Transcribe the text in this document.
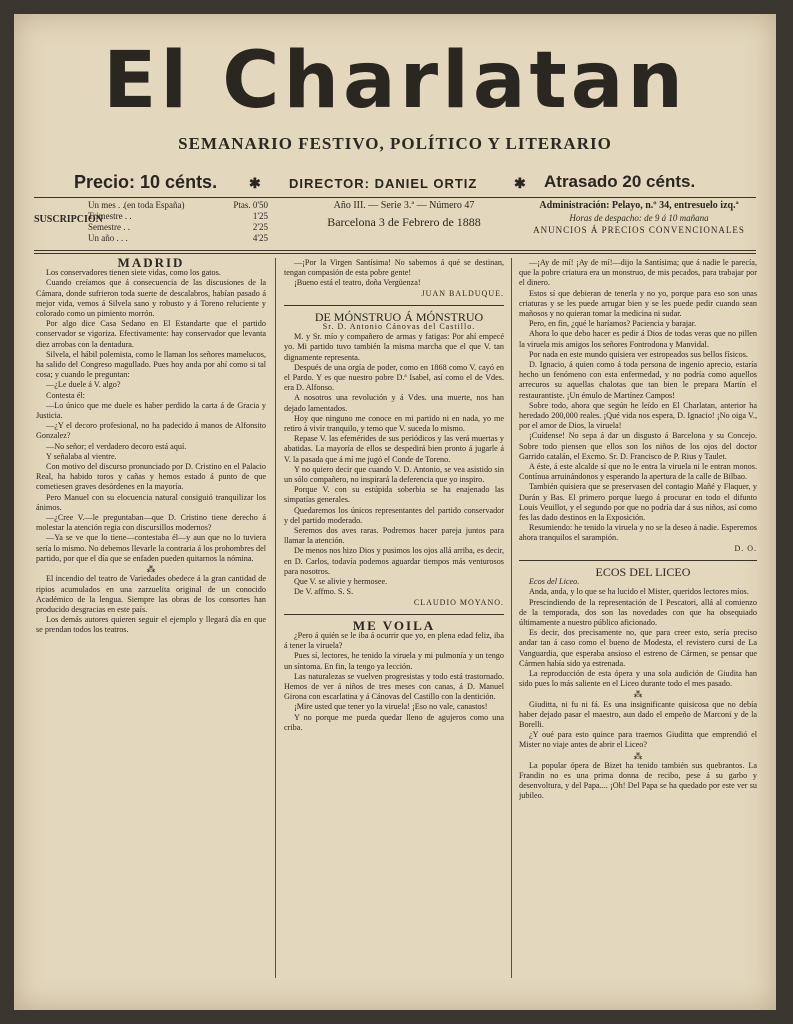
El Charlatan
SEMANARIO FESTIVO, POLÍTICO Y LITERARIO
Precio: 10 cénts. ✱ DIRECTOR: DANIEL ORTIZ	✱ Atrasado 20 cénts.
SUSCRIPCION
Un mes . . (en toda España)	Ptas. 0'50
Trimestre . .	1'25
Semestre . .	2'25
Un año . . .	4'25
Año III. — Serie 3.ª — Número 47
Barcelona 3 de Febrero de 1888
Administración: Pelayo, n.º 34, entresuelo izq.ª
Horas de despacho: de 9 á 10 mañana
ANUNCIOS Á PRECIOS CONVENCIONALES

MADRID

Los conservadores tienen siete vidas, como los gatos.

Cuando creíamos que á consecuencia de las discusiones de la Cámara, donde sufrieron toda suerte de descalabros, habían pasado á mejor vida, vemos á Silvela sano y robusto y á Toreno reluciente y colorado como un pimiento morrón.

Por algo dice Casa Sedano en El Estandarte que el partido conservador se vigoriza. Efectivamente: hay conservador que levanta diez arrobas con la dentadura.

Silvela, el hábil polemista, como le llaman los señores mamelucos, ha salido del Congreso magullado. Pues hoy anda por ahí como si tal cosa; y cuando le preguntan:

—¿Le duele á V. algo?

Contesta él:

—Lo único que me duele es haber perdido la carta á de Gracia y Justicia.

—¿Y el decoro profesional, no ha padecido á manos de Alfonsito Gonzalez?

—No señor; el verdadero decoro está aquí.

Y señalaba al vientre.

Con motivo del discurso pronunciado por D. Cristino en el Palacio Real, ha habido toros y cañas y hemos estado á punto de que cometiesen graves desórdenes en la mayoría.

Pero Manuel con su elocuencia natural consiguió tranquilizar los ánimos.

—¿Cree V.—le preguntaban—que D. Cristino tiene derecho á molestar la atención regia con discursillos modernos?

—Ya se ve que lo tiene—contestaba él—y aun que no lo tuviera sería lo mismo. No debemos llevarle la contraria á los prohombres del partido, por que el día que se enfaden pueden quitarnos la nómina.

⁂

El incendio del teatro de Variedades obedece á la gran cantidad de ripios acumulados en una zarzuelita original de un conocido Académico de la lengua. Siempre las obras de los consortes han producido desgracias en este país.

Los demás autores quieren seguir el ejemplo y llegará día en que se prendan todos los teatros.

—¡Por la Virgen Santísima! No sabemos á qué se destinan, tengan compasión de esta pobre gente!

¡Bueno está el teatro, doña Vergüenza!

JUAN BALDUQUE.

DE MÓNSTRUO Á MÓNSTRUO

Sr. D. Antonio Cánovas del Castillo.

M. y Sr. mío y compañero de armas y fatigas: Por ahí empecé yo. Mi partido tuvo también la misma marcha que el que V. tan dignamente representa.

Después de una orgía de poder, como en 1868 como V. cayó en el Pardo. Y es que nuestro pobre D.ª Isabel, así como el de Vdes. era D. Alfonso.

A nosotros una revolución y á Vdes. una muerte, nos han dejado lamentados.

Hoy que ninguno me conoce en mi partido ni en nada, yo me retiro á vivir tranquilo, y temo que V. suceda lo mismo.

Repase V. las efemérides de sus periódicos y las verá muertas y abatidas. La mayoría de ellos se despedirá bien pronto á jugarle á V. la pasada que á mí me jugó el Conde de Toreno.

Y no quiero decir que cuando V. D. Antonio, se vea asistido sin un sólo compañero, no inspirará la deferencia que yo inspiro.

Porque V. con su estúpida soberbia se ha enajenado las simpatías generales.

Quedaremos los únicos representantes del partido conservador y del partido moderado.

Seremos dos aves raras. Podremos hacer pareja juntos para llamar la atención.

De menos nos hizo Dios y pusimos los ojos allá arriba, es decir, en D. Carlos, todavía podemos aguardar tiempos más venturosos para nosotros.

Que V. se alivie y hermosee.

De V. affmo. S. S.

CLAUDIO MOYANO.

ME VOILA

¿Pero á quién se le iba á ocurrir que yo, en plena edad feliz, iba á tener la viruela?

Pues sí, lectores, he tenido la viruela y mi pulmonía y un tengo un síntoma. En fin, la tengo ya lección.

Las naturalezas se vuelven progresistas y todo está trastornado. Hemos de ver á niños de tres meses con canas, á D. Manuel Girona con escarlatina y á Cánovas del Castillo con la dentición.

¡Mire usted que tener yo la viruela! ¡Eso no vale, canastos!

Y no porque me pueda quedar lleno de agujeros como una criba.

—¡Ay de mí! ¡Ay de mí!—dijo la Santísima; que á nadie le parecía, que la pobre criatura era un monstruo, de mis pecados, para trabajar por el dinero.

Estos sí que debieran de tenerla y no yo, porque para eso son unas criaturas y se les puede arrugar bien y se les puede pedir cuando sean mañosos y no quieran tomar la medicina ni sudar.

Pero, en fin, ¿qué le haríamos? Paciencia y barajar.

Ahora lo que debo hacer es pedir á Dios de todas veras que no pillen la viruela mis amigos los señores Fontrodona y Manvidal.

Por nada en este mundo quisiera ver estropeados sus bellos físicos.

D. Ignacio, á quien como á toda persona de ingenio aprecio, estaría hecho un fenómeno con esta enfermedad, y no podría como aquellos arrecuros su aquellas chalotas que tan bien le prepara Martín el restaurantiste. ¡Un émulo de Martínez Campos!

Sobre todo, ahora que según he leído en El Charlatan, anterior ha heredado 200,000 reales. ¡Qué vida nos espera, D. Ignacio! ¡No oiga V., por el amor de Dios, la viruela!

¡Cuídense! No sepa á dar un disgusto á Barcelona y su Concejo. Sobre todo piensen que ellos son los niños de los ojos del doctor Garrido catalán, el Excmo. Sr. D. Francisco de P. Rius y Taulet.

A éste, á este alcalde sí que no le entra la viruela ni le entran monos. Contínua arruinándonos y esperando la apertura de la calle de Bilbao.

También quisiera que se preservasen del contagio Mañé y Flaquer, y Durán y Bas. El primero porque luego á procurar en todo el difunto Louis Veuillot, y el segundo por que no podría dar á sus niños, así como fes las dado destinos en la Exposición.

Resumiendo: he tenido la viruela y no se la deseo á nadie. Esperemos ahora tranquilos el sarampión.

D. O.

ECOS DEL LICEO

Ecos del Liceo.

Anda, anda, y lo que se ha lucido el Mister, queridos lectores míos.

Prescindiendo de la representación de I Pescatori, allá al comienzo de la temporada, dos son las novedades con que ha obsequiado últimamente a nuestro público aficionado.

Es decir, dos precisamente no, que para creer esto, sería preciso andar tan á caso como el bueno de Modesta, el revistero cursi de La Vanguardia, que esperaba ansioso el estreno de Cármen, se pensar que Cármen había sido ya estrenada.

La reproducción de esta ópera y una sola audición de Giudita han sido pues lo más saliente en el Liceo durante todo el mes pasado.

⁂

Giuditta, ni fu ni fá. Es una insignificante quisicosa que no debía haber dejado pasar el maestro, aun dado el empeño de Marconi y de la Borelli.

¿Y oué para esto quince para traernos Giuditta que emprendió el Mister no viaje antes de abrir el Liceo?

⁂

La popular ópera de Bizet ha tenido también sus quebrantos. La Frandin no es una prima donna de recibo, pese á su garbo y desenvoltura, y del Papa.... ¡Oh! Del Papa se ha quedado por este ver su jubileo.
